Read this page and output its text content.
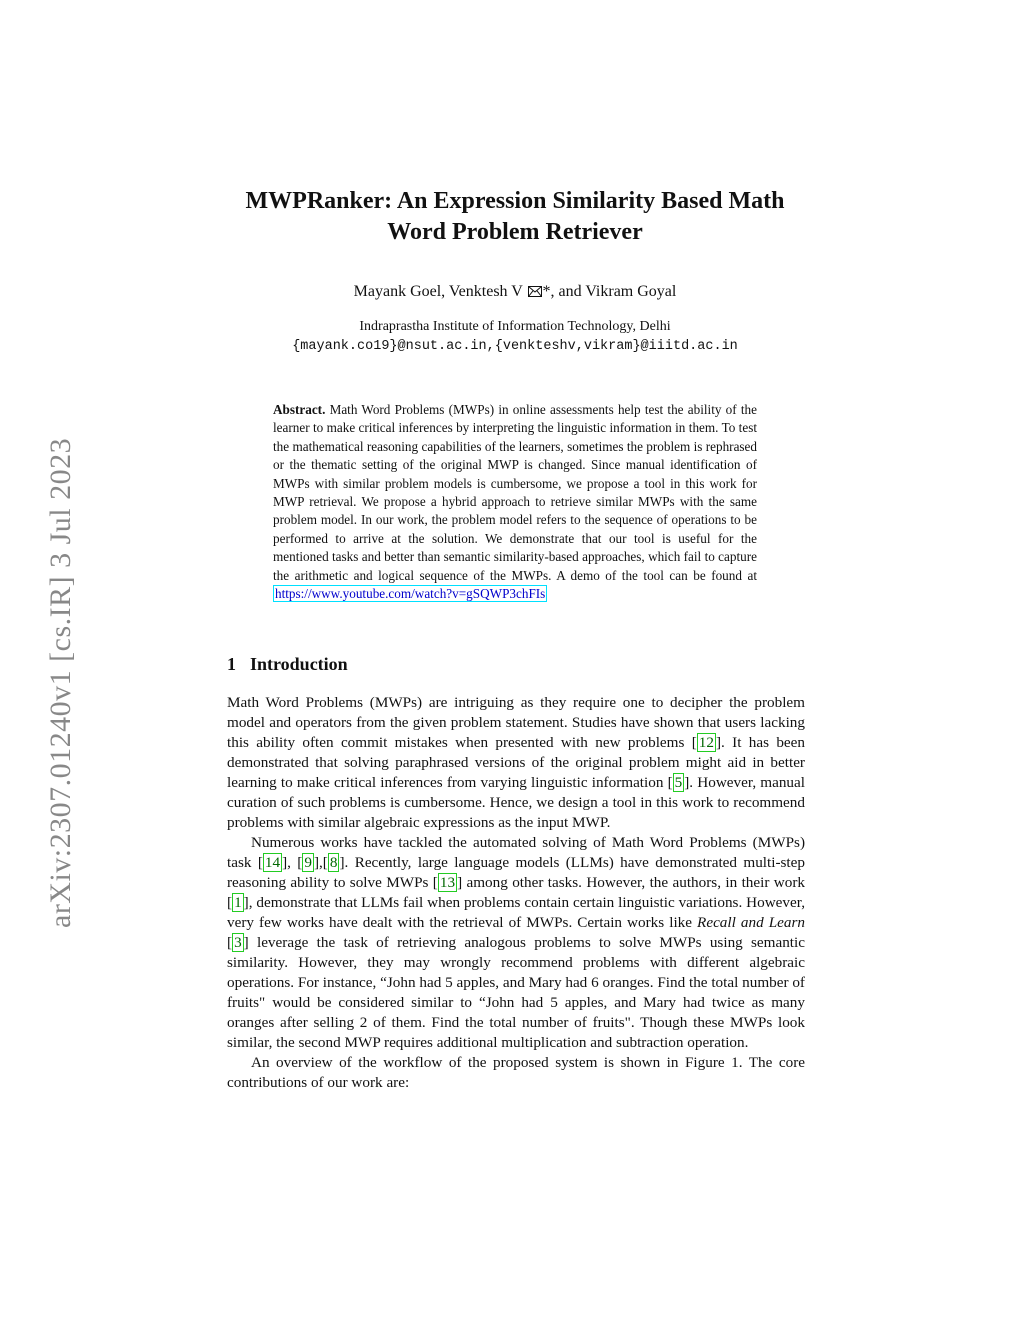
arXiv:2307.01240v1 [cs.IR] 3 Jul 2023
MWPRanker: An Expression Similarity Based Math
Word Problem Retriever
Mayank Goel, Venktesh V *, and Vikram Goyal
Indraprastha Institute of Information Technology, Delhi
{mayank.co19}@nsut.ac.in,{venkteshv,vikram}@iiitd.ac.in
Abstract. Math Word Problems (MWPs) in online assessments help test the ability of the learner to make critical inferences by interpreting the linguistic information in them. To test the mathematical reasoning capabilities of the learners, sometimes the problem is rephrased or the thematic setting of the original MWP is changed. Since manual identification of MWPs with similar problem models is cumbersome, we propose a tool in this work for MWP retrieval. We propose a hybrid approach to retrieve similar MWPs with the same problem model. In our work, the problem model refers to the sequence of operations to be performed to arrive at the solution. We demonstrate that our tool is useful for the mentioned tasks and better than semantic similarity-based approaches, which fail to capture the arithmetic and logical sequence of the MWPs. A demo of the tool can be found at https://www.youtube.com/watch?v=gSQWP3chFIs
1 Introduction

Math Word Problems (MWPs) are intriguing as they require one to decipher the problem model and operators from the given problem statement. Studies have shown that users lacking this ability often commit mistakes when presented with new problems [ 12 ]. It has been demonstrated that solving paraphrased versions of the original problem might aid in better learning to make critical inferences from varying linguistic information [ 5 ]. However, manual curation of such problems is cumbersome. Hence, we design a tool in this work to recommend problems with similar algebraic expressions as the input MWP.

Numerous works have tackled the automated solving of Math Word Problems (MWPs) task [ 14 ], [ 9 ],[ 8 ]. Recently, large language models (LLMs) have demonstrated multi-step reasoning ability to solve MWPs [ 13 ] among other tasks. However, the authors, in their work [ 1 ], demonstrate that LLMs fail when problems contain certain linguistic variations. However, very few works have dealt with the retrieval of MWPs. Certain works like Recall and Learn [ 3 ] leverage the task of retrieving analogous problems to solve MWPs using semantic similarity. However, they may wrongly recommend problems with different algebraic operations. For instance, “John had 5 apples, and Mary had 6 oranges. Find the total number of fruits" would be considered similar to “John had 5 apples, and Mary had twice as many oranges after selling 2 of them. Find the total number of fruits". Though these MWPs look similar, the second MWP requires additional multiplication and subtraction operation.

An overview of the workflow of the proposed system is shown in Figure 1. The core contributions of our work are:
